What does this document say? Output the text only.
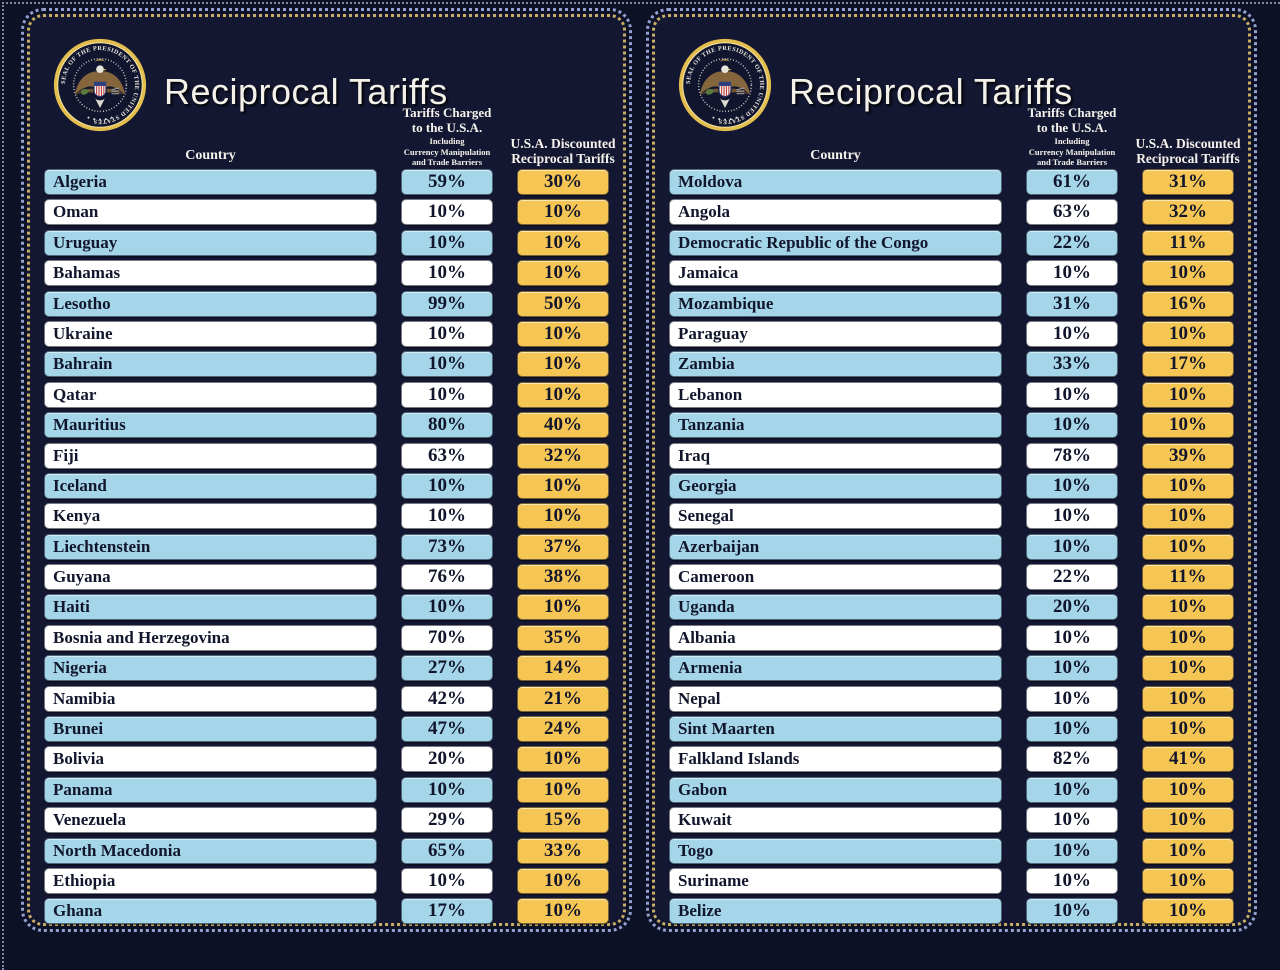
Reciprocal Tariffs
Country
Tariffs Charged
to the U.S.A.
Including
Currency Manipulation
and Trade Barriers
U.S.A. Discounted
Reciprocal Tariffs
Algeria	59%	30%
Oman	10%	10%
Uruguay	10%	10%
Bahamas	10%	10%
Lesotho	99%	50%
Ukraine	10%	10%
Bahrain	10%	10%
Qatar	10%	10%
Mauritius	80%	40%
Fiji	63%	32%
Iceland	10%	10%
Kenya	10%	10%
Liechtenstein	73%	37%
Guyana	76%	38%
Haiti	10%	10%
Bosnia and Herzegovina	70%	35%
Nigeria	27%	14%
Namibia	42%	21%
Brunei	47%	24%
Bolivia	20%	10%
Panama	10%	10%
Venezuela	29%	15%
North Macedonia	65%	33%
Ethiopia	10%	10%
Ghana	17%	10%
Reciprocal Tariffs
Country
Tariffs Charged
to the U.S.A.
Including
Currency Manipulation
and Trade Barriers
U.S.A. Discounted
Reciprocal Tariffs
Moldova	61%	31%
Angola	63%	32%
Democratic Republic of the Congo	22%	11%
Jamaica	10%	10%
Mozambique	31%	16%
Paraguay	10%	10%
Zambia	33%	17%
Lebanon	10%	10%
Tanzania	10%	10%
Iraq	78%	39%
Georgia	10%	10%
Senegal	10%	10%
Azerbaijan	10%	10%
Cameroon	22%	11%
Uganda	20%	10%
Albania	10%	10%
Armenia	10%	10%
Nepal	10%	10%
Sint Maarten	10%	10%
Falkland Islands	82%	41%
Gabon	10%	10%
Kuwait	10%	10%
Togo	10%	10%
Suriname	10%	10%
Belize	10%	10%
